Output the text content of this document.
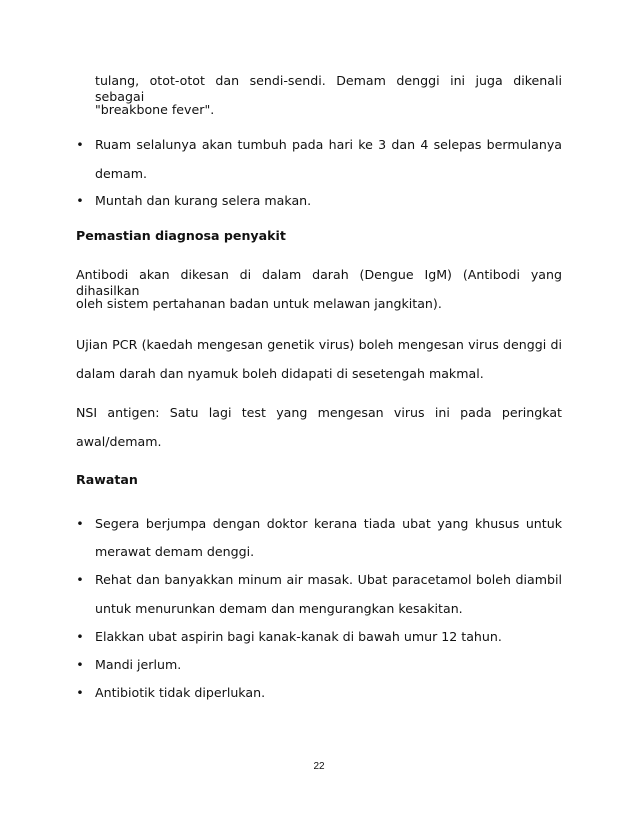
tulang, otot-otot dan sendi-sendi. Demam denggi ini juga dikenali sebagai
"breakbone fever".
• Ruam selalunya akan tumbuh pada hari ke 3 dan 4 selepas bermulanya
demam.
• Muntah dan kurang selera makan.
Pemastian diagnosa penyakit
Antibodi akan dikesan di dalam darah (Dengue IgM) (Antibodi yang dihasilkan
oleh sistem pertahanan badan untuk melawan jangkitan).
Ujian PCR (kaedah mengesan genetik virus) boleh mengesan virus denggi di
dalam darah dan nyamuk boleh didapati di sesetengah makmal.
NSI antigen: Satu lagi test yang mengesan virus ini pada peringkat
awal/demam.
Rawatan
• Segera berjumpa dengan doktor kerana tiada ubat yang khusus untuk
merawat demam denggi.
• Rehat dan banyakkan minum air masak. Ubat paracetamol boleh diambil
untuk menurunkan demam dan mengurangkan kesakitan.
• Elakkan ubat aspirin bagi kanak-kanak di bawah umur 12 tahun.
• Mandi jerlum.
• Antibiotik tidak diperlukan.
22
